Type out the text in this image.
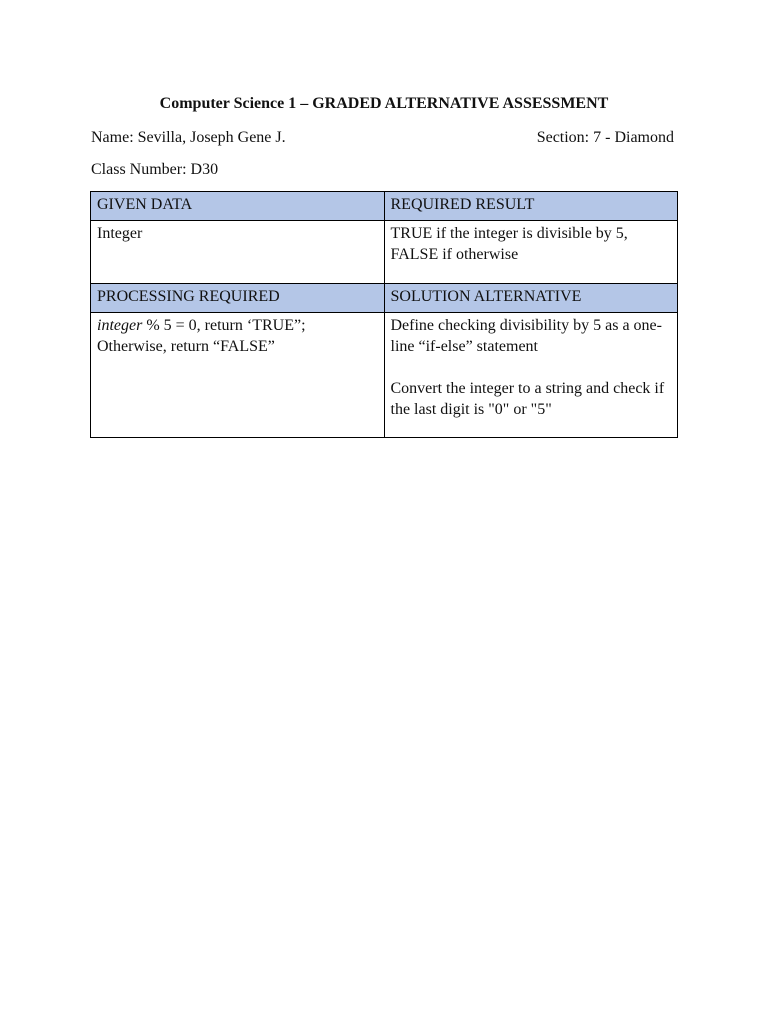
Computer Science 1 – GRADED ALTERNATIVE ASSESSMENT
Name: Sevilla, Joseph Gene J.	Section: 7 - Diamond
Class Number: D30
GIVEN DATA	REQUIRED RESULT
Integer	TRUE if the integer is divisible by 5, FALSE if otherwise
PROCESSING REQUIRED	SOLUTION ALTERNATIVE
integer % 5 = 0, return ‘TRUE”; Otherwise, return “FALSE”	Define checking divisibility by 5 as a one-line “if-else” statement
Convert the integer to a string and check if the last digit is "0" or "5"
